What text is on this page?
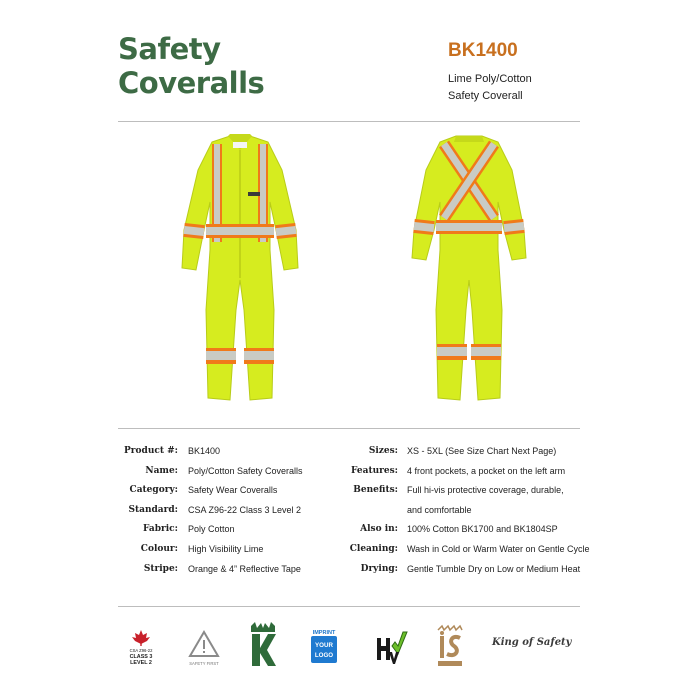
Safety
Coveralls
BK1400
Lime Poly/Cotton
Safety Coverall
Product #: BK1400
Name: Poly/Cotton Safety Coveralls
Category: Safety Wear Coveralls
Standard: CSA Z96-22 Class 3 Level 2
Fabric: Poly Cotton
Colour: High Visibility Lime
Stripe: Orange & 4” Reflective Tape
Sizes: XS - 5XL (See Size Chart Next Page)
Features: 4 front pockets, a pocket on the left arm
Benefits: Full hi-vis protective coverage, durable,
and comfortable
Also in: 100% Cotton BK1700 and BK1804SP
Cleaning: Wash in Cold or Warm Water on Gentle Cycle
Drying: Gentle Tumble Dry on Low or Medium Heat
CSA Z96-22
CLASS 3
LEVEL 2	SAFETY FIRST
IMPRINT
YOUR
LOGO
King of Safety
